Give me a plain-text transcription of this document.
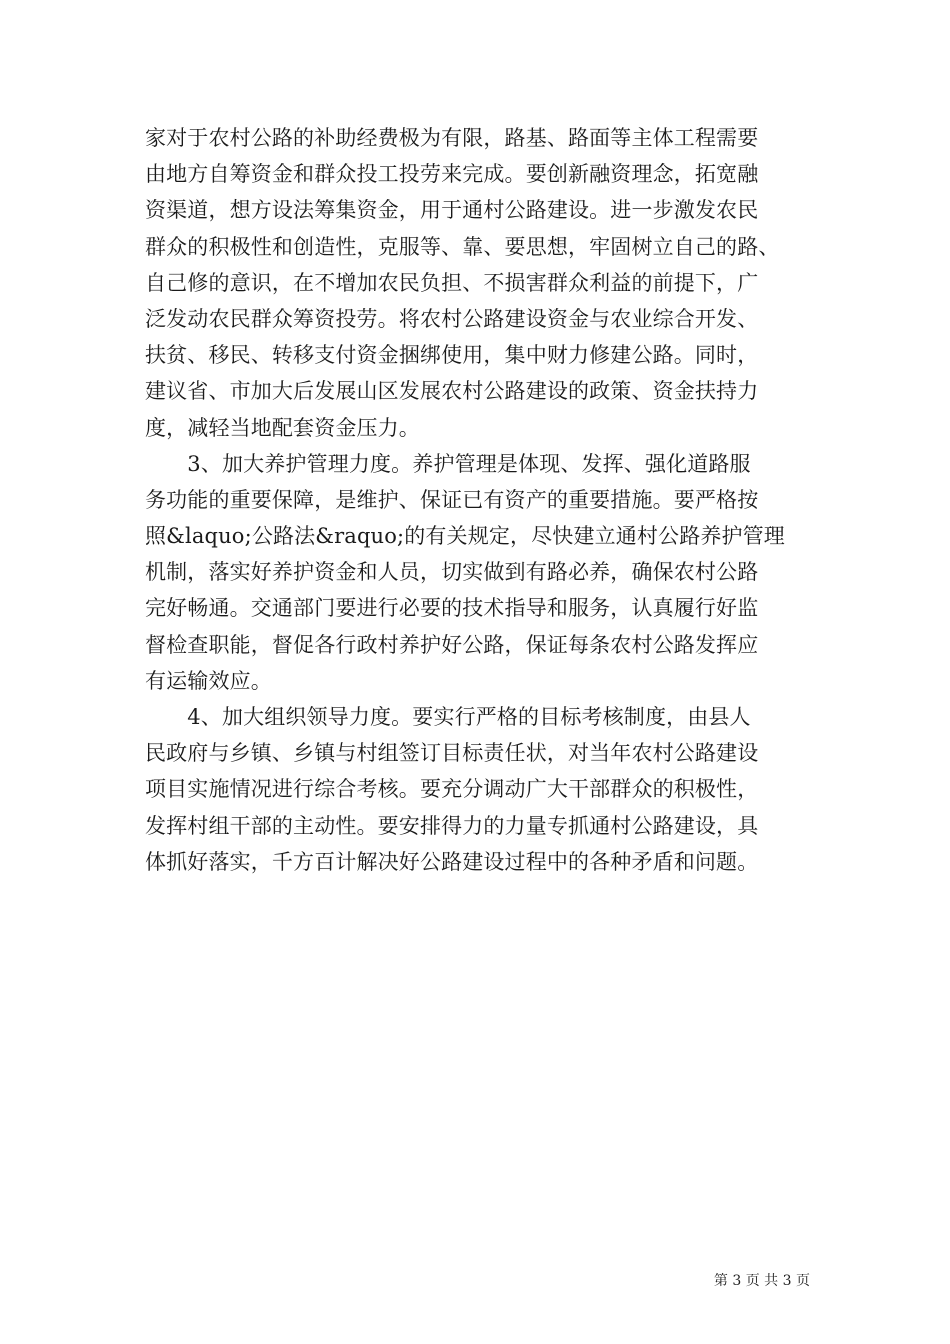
家对于农村公路的补助经费极为有限，路基、路面等主体工程需要
由地方自筹资金和群众投工投劳来完成。要创新融资理念，拓宽融
资渠道，想方设法筹集资金，用于通村公路建设。进一步激发农民
群众的积极性和创造性，克服等、靠、要思想，牢固树立自己的路、
自己修的意识，在不增加农民负担、不损害群众利益的前提下，广
泛发动农民群众筹资投劳。将农村公路建设资金与农业综合开发、
扶贫、移民、转移支付资金捆绑使用，集中财力修建公路。同时，
建议省、市加大后发展山区发展农村公路建设的政策、资金扶持力
度，减轻当地配套资金压力。
　　3、加大养护管理力度。养护管理是体现、发挥、强化道路服
务功能的重要保障，是维护、保证已有资产的重要措施。要严格按
照&laquo;公路法&raquo;的有关规定，尽快建立通村公路养护管理
机制，落实好养护资金和人员，切实做到有路必养，确保农村公路
完好畅通。交通部门要进行必要的技术指导和服务，认真履行好监
督检查职能，督促各行政村养护好公路，保证每条农村公路发挥应
有运输效应。
　　4、加大组织领导力度。要实行严格的目标考核制度，由县人
民政府与乡镇、乡镇与村组签订目标责任状，对当年农村公路建设
项目实施情况进行综合考核。要充分调动广大干部群众的积极性，
发挥村组干部的主动性。要安排得力的力量专抓通村公路建设，具
体抓好落实，千方百计解决好公路建设过程中的各种矛盾和问题。
第 3 页 共 3 页
